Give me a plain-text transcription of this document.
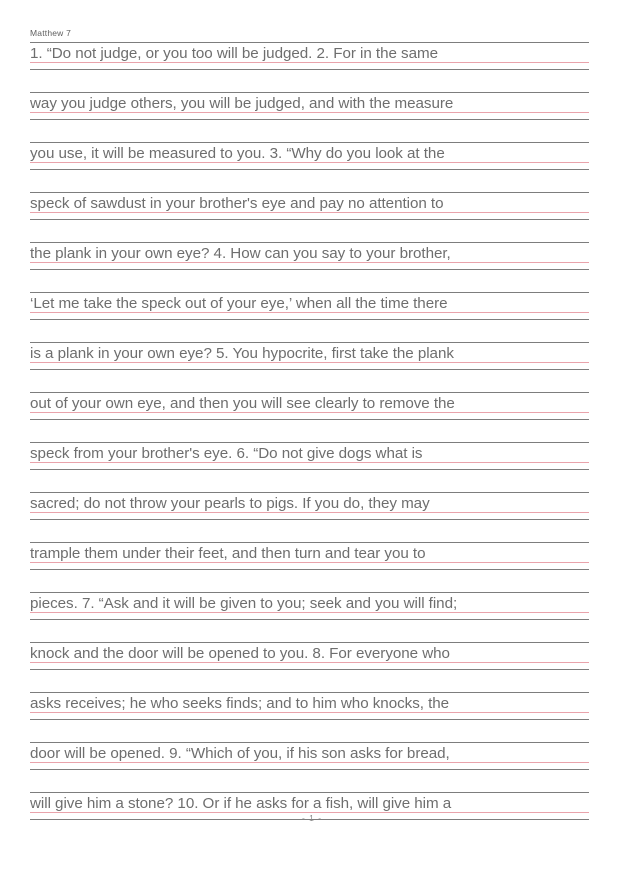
Matthew 7
1. “Do not judge, or you too will be judged. 2. For in the same
way you judge others, you will be judged, and with the measure
you use, it will be measured to you. 3. “Why do you look at the
speck of sawdust in your brother's eye and pay no attention to
the plank in your own eye? 4. How can you say to your brother,
‘Let me take the speck out of your eye,’ when all the time there
is a plank in your own eye? 5. You hypocrite, first take the plank
out of your own eye, and then you will see clearly to remove the
speck from your brother's eye. 6. “Do not give dogs what is
sacred; do not throw your pearls to pigs. If you do, they may
trample them under their feet, and then turn and tear you to
pieces. 7. “Ask and it will be given to you; seek and you will find;
knock and the door will be opened to you. 8. For everyone who
asks receives; he who seeks finds; and to him who knocks, the
door will be opened. 9. “Which of you, if his son asks for bread,
will give him a stone? 10. Or if he asks for a fish, will give him a
- 1 -
